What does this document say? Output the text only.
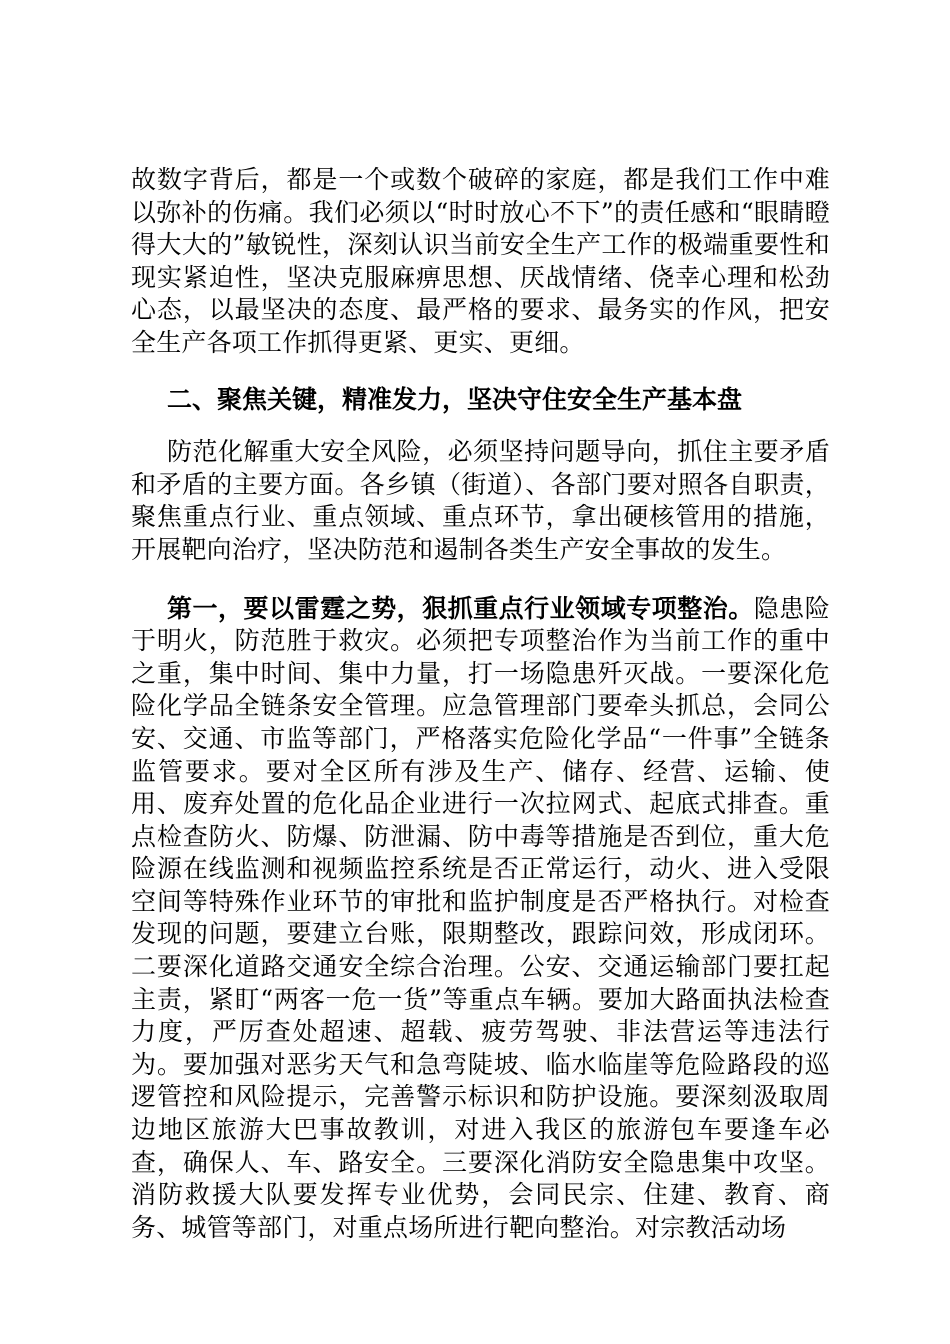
故数字背后，都是一个或数个破碎的家庭，都是我们工作中难以弥补的伤痛。我们必须以“时时放心不下”的责任感和“眼睛瞪得大大的”敏锐性，深刻认识当前安全生产工作的极端重要性和现实紧迫性，坚决克服麻痹思想、厌战情绪、侥幸心理和松劲心态，以最坚决的态度、最严格的要求、最务实的作风，把安全生产各项工作抓得更紧、更实、更细。

二、聚焦关键，精准发力，坚决守住安全生产基本盘

防范化解重大安全风险，必须坚持问题导向，抓住主要矛盾和矛盾的主要方面。各乡镇（街道）、各部门要对照各自职责，聚焦重点行业、重点领域、重点环节，拿出硬核管用的措施，开展靶向治疗，坚决防范和遏制各类生产安全事故的发生。

第一，要以雷霆之势，狠抓重点行业领域专项整治。隐患险于明火，防范胜于救灾。必须把专项整治作为当前工作的重中之重，集中时间、集中力量，打一场隐患歼灭战。一要深化危险化学品全链条安全管理。应急管理部门要牵头抓总，会同公安、交通、市监等部门，严格落实危险化学品“一件事”全链条监管要求。要对全区所有涉及生产、储存、经营、运输、使用、废弃处置的危化品企业进行一次拉网式、起底式排查。重点检查防火、防爆、防泄漏、防中毒等措施是否到位，重大危险源在线监测和视频监控系统是否正常运行，动火、进入受限空间等特殊作业环节的审批和监护制度是否严格执行。对检查发现的问题，要建立台账，限期整改，跟踪问效，形成闭环。二要深化道路交通安全综合治理。公安、交通运输部门要扛起主责，紧盯“两客一危一货”等重点车辆。要加大路面执法检查力度，严厉查处超速、超载、疲劳驾驶、非法营运等违法行为。要加强对恶劣天气和急弯陡坡、临水临崖等危险路段的巡逻管控和风险提示，完善警示标识和防护设施。要深刻汲取周边地区旅游大巴事故教训，对进入我区的旅游包车要逢车必查，确保人、车、路安全。三要深化消防安全隐患集中攻坚。消防救援大队要发挥专业优势，会同民宗、住建、教育、商务、城管等部门，对重点场所进行靶向整治。对宗教活动场
